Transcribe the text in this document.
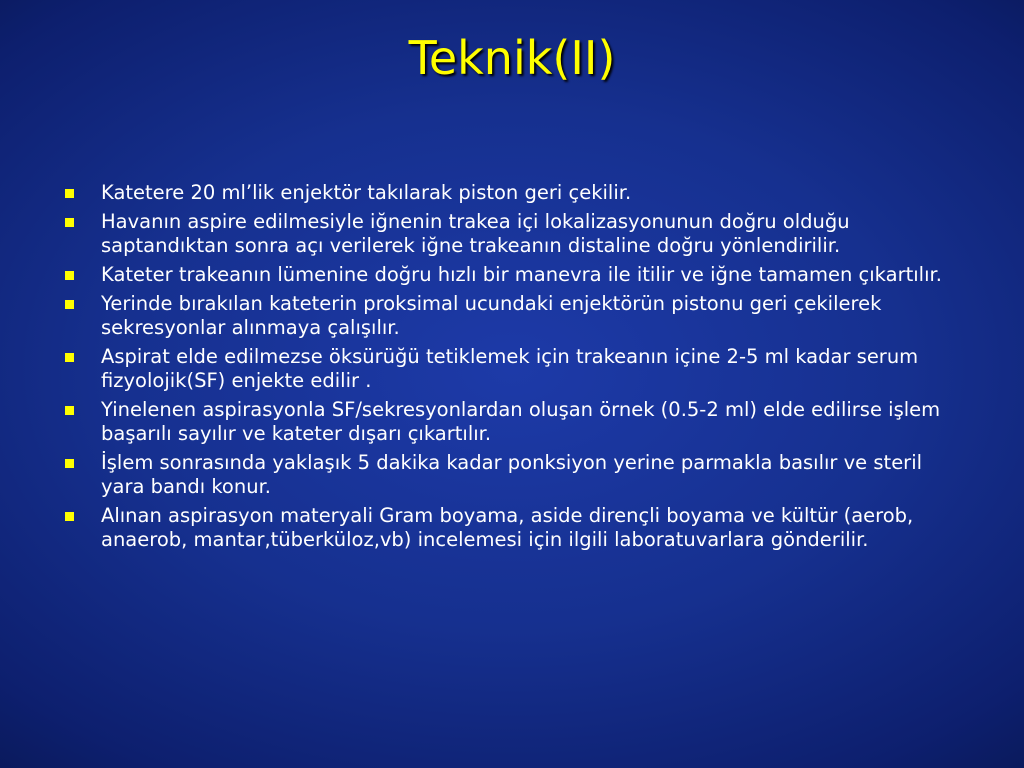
Teknik(II)
Katetere 20 ml’lik enjektör takılarak piston geri çekilir.
Havanın aspire edilmesiyle iğnenin trakea içi lokalizasyonunun doğru olduğu saptandıktan sonra açı verilerek iğne trakeanın distaline doğru yönlendirilir.
Kateter trakeanın lümenine doğru hızlı bir manevra ile itilir ve iğne tamamen çıkartılır.
Yerinde bırakılan kateterin proksimal ucundaki enjektörün pistonu geri çekilerek sekresyonlar alınmaya çalışılır.
Aspirat elde edilmezse öksürüğü tetiklemek için trakeanın içine 2-5 ml kadar serum fizyolojik(SF) enjekte edilir .
Yinelenen aspirasyonla SF/sekresyonlardan oluşan örnek (0.5-2 ml) elde edilirse işlem başarılı sayılır ve kateter dışarı çıkartılır.
İşlem sonrasında yaklaşık 5 dakika kadar ponksiyon yerine parmakla basılır ve steril yara bandı konur.
Alınan aspirasyon materyali Gram boyama, aside dirençli boyama ve kültür (aerob, anaerob, mantar,tüberküloz,vb) incelemesi için ilgili laboratuvarlara gönderilir.
